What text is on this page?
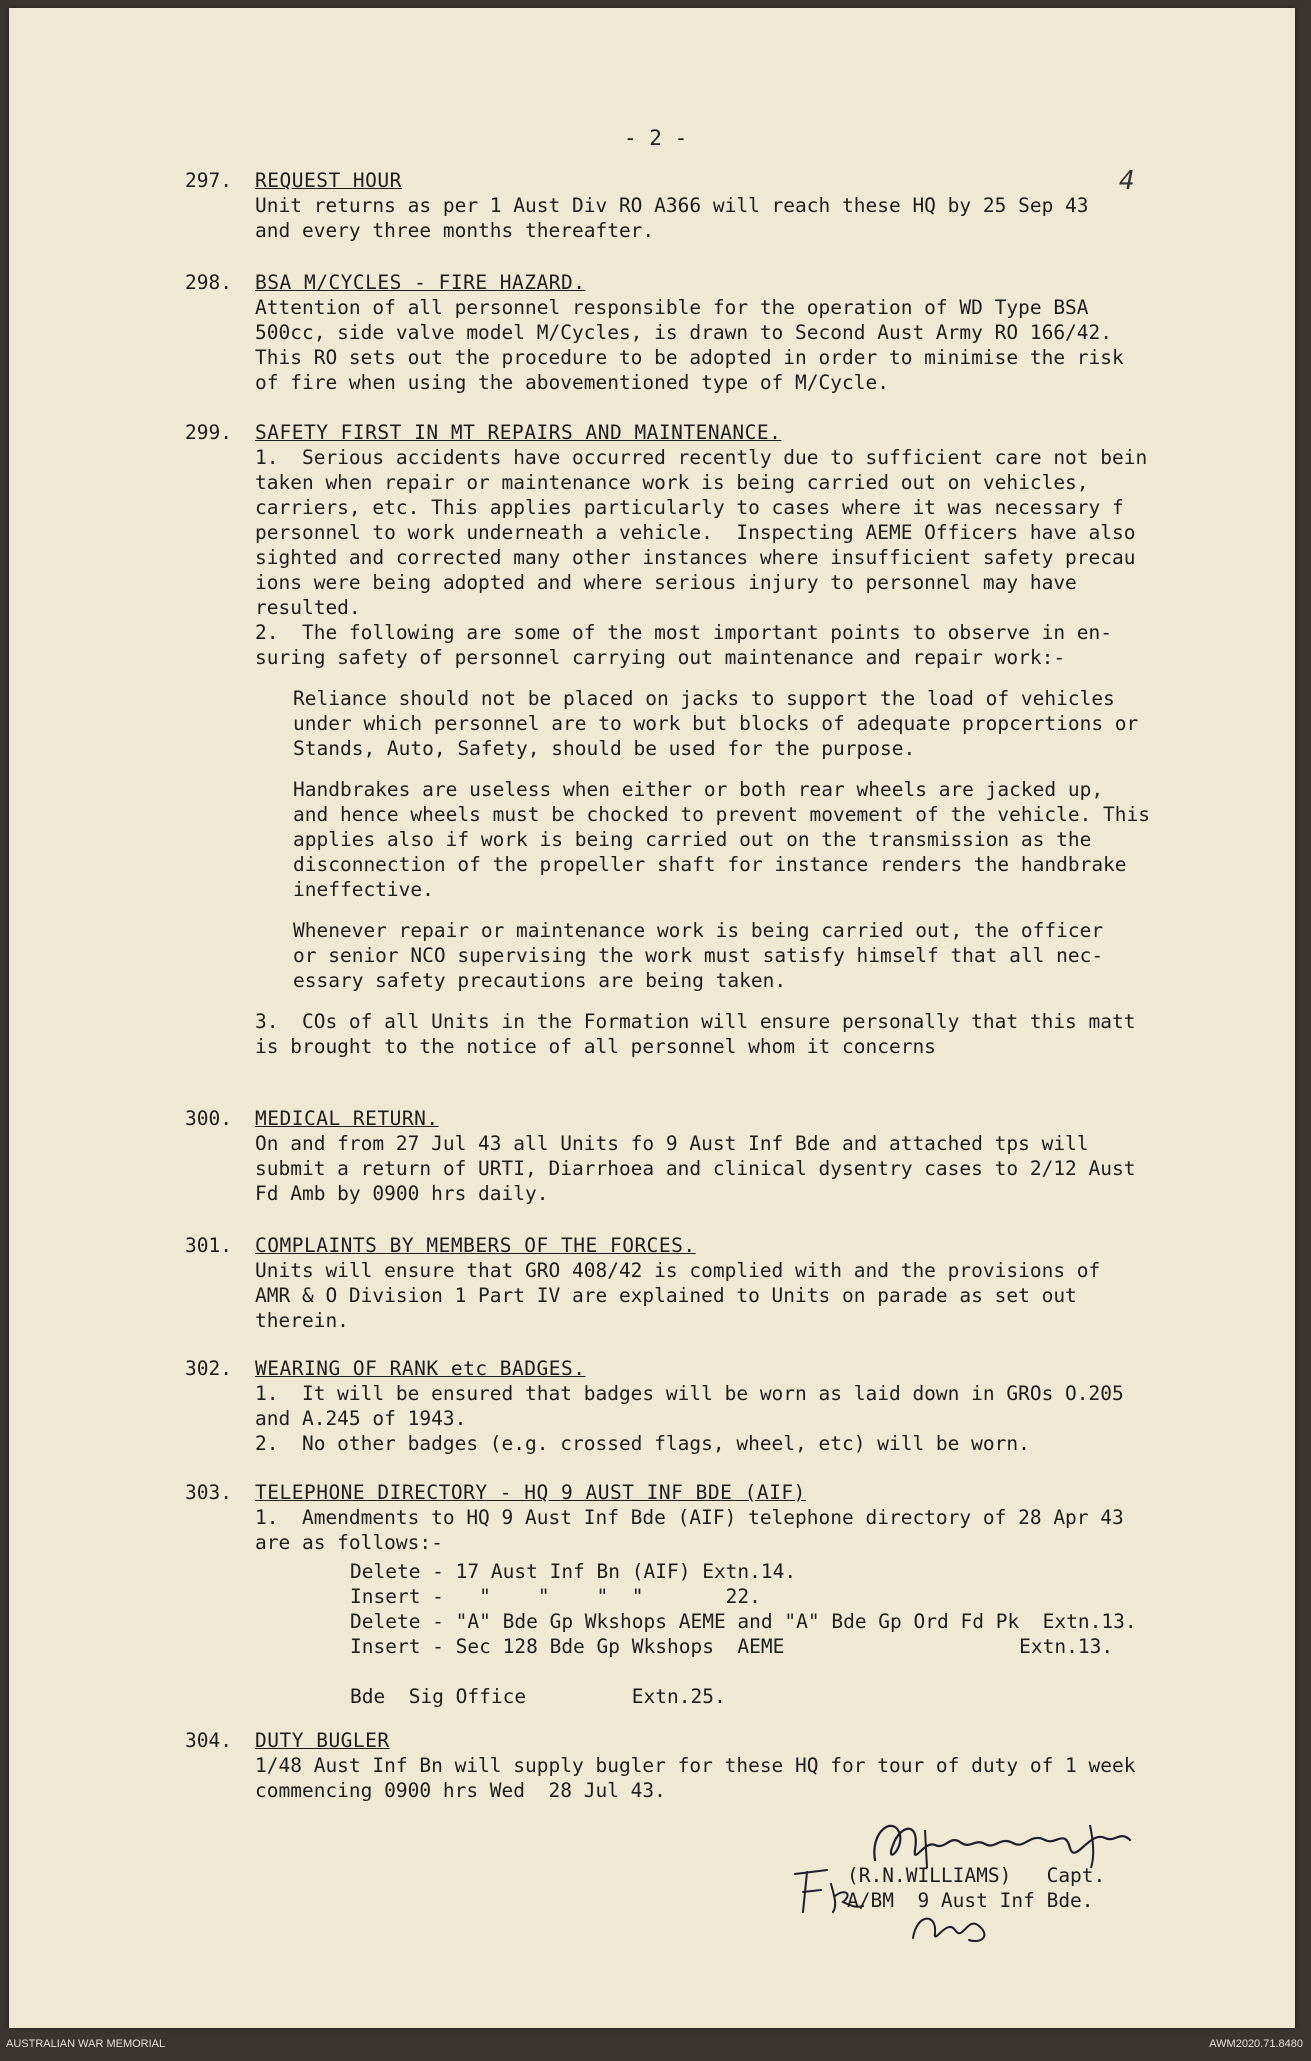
- 2 -
4
297. REQUEST HOUR

Unit returns as per 1 Aust Div RO A366 will reach these HQ by 25 Sep 43
and every three months thereafter.

298. BSA M/CYCLES - FIRE HAZARD.

Attention of all personnel responsible for the operation of WD Type BSA
500cc, side valve model M/Cycles, is drawn to Second Aust Army RO 166/42.
This RO sets out the procedure to be adopted in order to minimise the risk
of fire when using the abovementioned type of M/Cycle.

299. SAFETY FIRST IN MT REPAIRS AND MAINTENANCE.

1.  Serious accidents have occurred recently due to sufficient care not bein
taken when repair or maintenance work is being carried out on vehicles,
carriers, etc. This applies particularly to cases where it was necessary f
personnel to work underneath a vehicle.  Inspecting AEME Officers have also
sighted and corrected many other instances where insufficient safety precau
ions were being adopted and where serious injury to personnel may have
resulted.

2.  The following are some of the most important points to observe in en-
suring safety of personnel carrying out maintenance and repair work:-

Reliance should not be placed on jacks to support the load of vehicles
under which personnel are to work but blocks of adequate propcertions or
Stands, Auto, Safety, should be used for the purpose.

Handbrakes are useless when either or both rear wheels are jacked up,
and hence wheels must be chocked to prevent movement of the vehicle. This
applies also if work is being carried out on the transmission as the
disconnection of the propeller shaft for instance renders the handbrake
ineffective.

Whenever repair or maintenance work is being carried out, the officer
or senior NCO supervising the work must satisfy himself that all nec-
essary safety precautions are being taken.

3.  COs of all Units in the Formation will ensure personally that this matt
is brought to the notice of all personnel whom it concerns

300. MEDICAL RETURN.

On and from 27 Jul 43 all Units fo 9 Aust Inf Bde and attached tps will
submit a return of URTI, Diarrhoea and clinical dysentry cases to 2/12 Aust
Fd Amb by 0900 hrs daily.

301. COMPLAINTS BY MEMBERS OF THE FORCES.

Units will ensure that GRO 408/42 is complied with and the provisions of
AMR & O Division 1 Part IV are explained to Units on parade as set out
therein.

302. WEARING OF RANK etc BADGES.

1.  It will be ensured that badges will be worn as laid down in GROs O.205
and A.245 of 1943.
2.  No other badges (e.g. crossed flags, wheel, etc) will be worn.

303. TELEPHONE DIRECTORY - HQ 9 AUST INF BDE (AIF)

1.  Amendments to HQ 9 Aust Inf Bde (AIF) telephone directory of 28 Apr 43
are as follows:-

Delete - 17 Aust Inf Bn (AIF) Extn.14.
Insert -   "    "    "  "       22.
Delete - "A" Bde Gp Wkshops AEME and "A" Bde Gp Ord Fd Pk  Extn.13.
Insert - Sec 128 Bde Gp Wkshops  AEME                    Extn.13.

Bde  Sig Office         Extn.25.
304. DUTY BUGLER

1/48 Aust Inf Bn will supply bugler for these HQ for tour of duty of 1 week
commencing 0900 hrs Wed  28 Jul 43.

(R.N.WILLIAMS)   Capt.
A/BM  9 Aust Inf Bde.
AUSTRALIAN WAR MEMORIAL	AWM2020.71.8480
